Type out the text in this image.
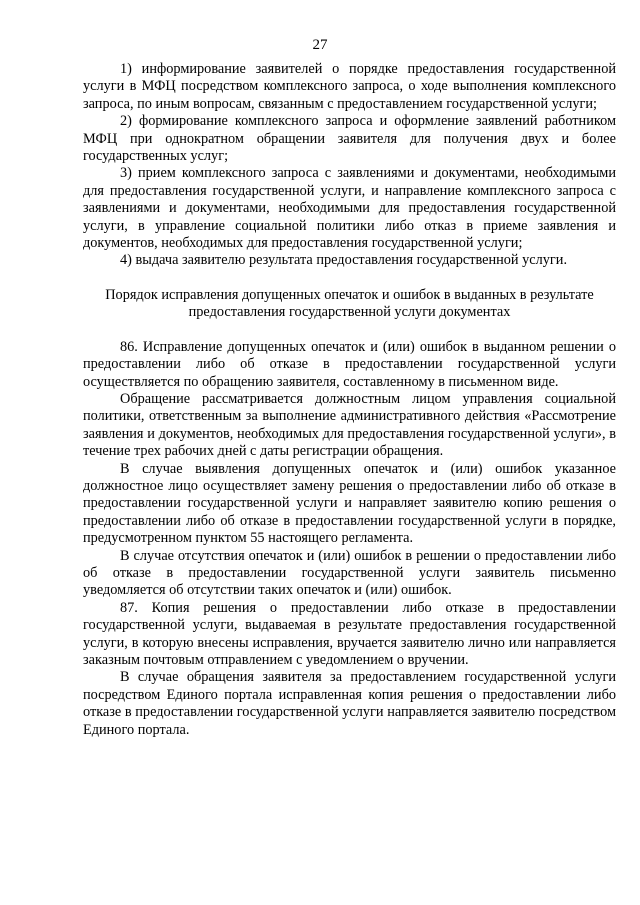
27

1) информирование заявителей о порядке предоставления государственной услуги в МФЦ посредством комплексного запроса, о ходе выполнения комплексного запроса, по иным вопросам, связанным с предоставлением государственной услуги;

2) формирование комплексного запроса и оформление заявлений работником МФЦ при однократном обращении заявителя для получения двух и более государственных услуг;

3) прием комплексного запроса с заявлениями и документами, необходимыми для предоставления государственной услуги, и направление комплексного запроса с заявлениями и документами, необходимыми для предоставления государственной услуги, в управление социальной политики либо отказ в приеме заявления и документов, необходимых для предоставления государственной услуги;

4) выдача заявителю результата предоставления государственной услуги.

Порядок исправления допущенных опечаток и ошибок в выданных в результате предоставления государственной услуги документах

86. Исправление допущенных опечаток и (или) ошибок в выданном решении о предоставлении либо об отказе в предоставлении государственной услуги осуществляется по обращению заявителя, составленному в письменном виде.

Обращение рассматривается должностным лицом управления социальной политики, ответственным за выполнение административного действия «Рассмотрение заявления и документов, необходимых для предоставления государственной услуги», в течение трех рабочих дней с даты регистрации обращения.

В случае выявления допущенных опечаток и (или) ошибок указанное должностное лицо осуществляет замену решения о предоставлении либо об отказе в предоставлении государственной услуги и направляет заявителю копию решения о предоставлении либо об отказе в предоставлении государственной услуги в порядке, предусмотренном пунктом 55 настоящего регламента.

В случае отсутствия опечаток и (или) ошибок в решении о предоставлении либо об отказе в предоставлении государственной услуги заявитель письменно уведомляется об отсутствии таких опечаток и (или) ошибок.

87. Копия решения о предоставлении либо отказе в предоставлении государственной услуги, выдаваемая в результате предоставления государственной услуги, в которую внесены исправления, вручается заявителю лично или направляется заказным почтовым отправлением с уведомлением о вручении.

В случае обращения заявителя за предоставлением государственной услуги посредством Единого портала исправленная копия решения о предоставлении либо отказе в предоставлении государственной услуги направляется заявителю посредством Единого портала.
